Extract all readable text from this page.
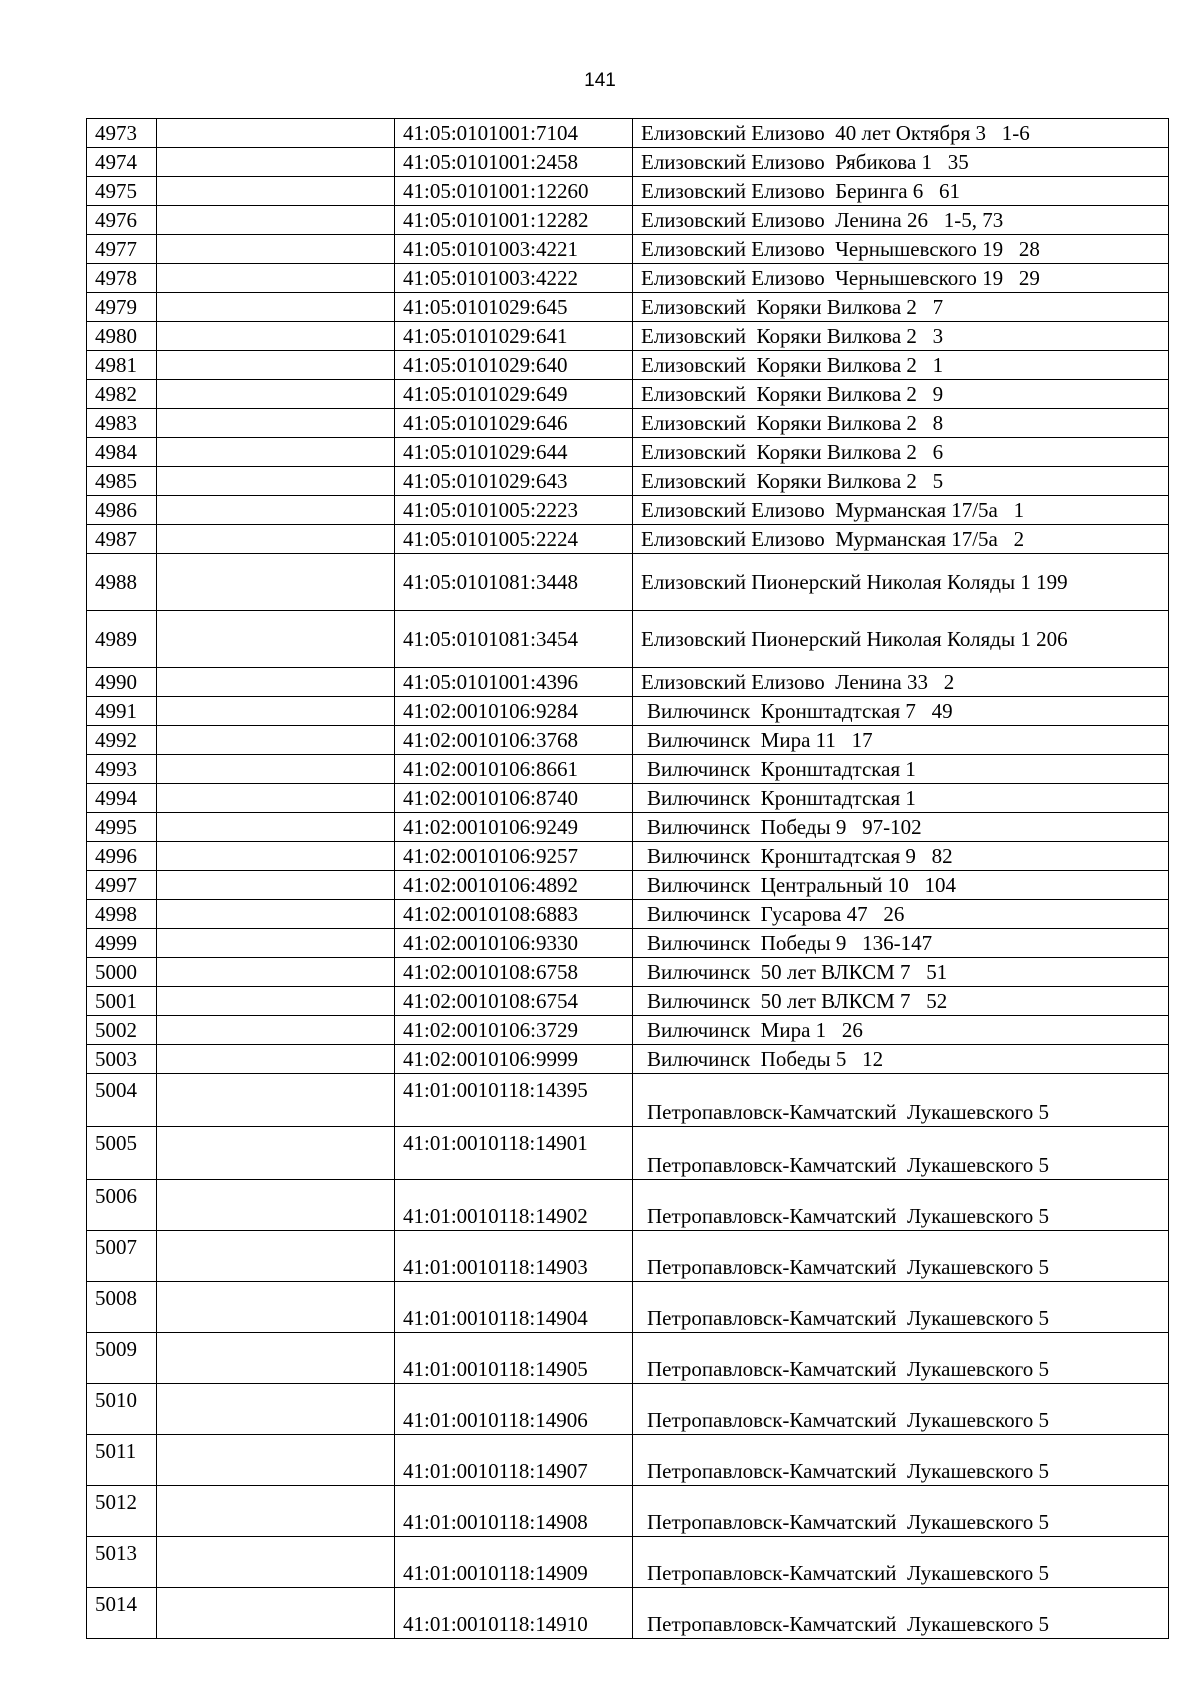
141
4973		41:05:0101001:7104	Елизовский Елизово  40 лет Октября 3   1-6
4974		41:05:0101001:2458	Елизовский Елизово  Рябикова 1   35
4975		41:05:0101001:12260	Елизовский Елизово  Беринга 6   61
4976		41:05:0101001:12282	Елизовский Елизово  Ленина 26   1-5, 73
4977		41:05:0101003:4221	Елизовский Елизово  Чернышевского 19   28
4978		41:05:0101003:4222	Елизовский Елизово  Чернышевского 19   29
4979		41:05:0101029:645	Елизовский  Коряки Вилкова 2   7
4980		41:05:0101029:641	Елизовский  Коряки Вилкова 2   3
4981		41:05:0101029:640	Елизовский  Коряки Вилкова 2   1
4982		41:05:0101029:649	Елизовский  Коряки Вилкова 2   9
4983		41:05:0101029:646	Елизовский  Коряки Вилкова 2   8
4984		41:05:0101029:644	Елизовский  Коряки Вилкова 2   6
4985		41:05:0101029:643	Елизовский  Коряки Вилкова 2   5
4986		41:05:0101005:2223	Елизовский Елизово  Мурманская 17/5а   1
4987		41:05:0101005:2224	Елизовский Елизово  Мурманская 17/5а   2
4988		41:05:0101081:3448	Елизовский Пионерский Николая Коляды 1 199
4989		41:05:0101081:3454	Елизовский Пионерский Николая Коляды 1 206
4990		41:05:0101001:4396	Елизовский Елизово  Ленина 33   2
4991		41:02:0010106:9284	Вилючинск  Кронштадтская 7   49
4992		41:02:0010106:3768	Вилючинск  Мира 11   17
4993		41:02:0010106:8661	Вилючинск  Кронштадтская 1
4994		41:02:0010106:8740	Вилючинск  Кронштадтская 1
4995		41:02:0010106:9249	Вилючинск  Победы 9   97-102
4996		41:02:0010106:9257	Вилючинск  Кронштадтская 9   82
4997		41:02:0010106:4892	Вилючинск  Центральный 10   104
4998		41:02:0010108:6883	Вилючинск  Гусарова 47   26
4999		41:02:0010106:9330	Вилючинск  Победы 9   136-147
5000		41:02:0010108:6758	Вилючинск  50 лет ВЛКСМ 7   51
5001		41:02:0010108:6754	Вилючинск  50 лет ВЛКСМ 7   52
5002		41:02:0010106:3729	Вилючинск  Мира 1   26
5003		41:02:0010106:9999	Вилючинск  Победы 5   12
5004		41:01:0010118:14395	Петропавловск-Камчатский  Лукашевского 5
5005		41:01:0010118:14901	Петропавловск-Камчатский  Лукашевского 5
5006		41:01:0010118:14902	Петропавловск-Камчатский  Лукашевского 5
5007		41:01:0010118:14903	Петропавловск-Камчатский  Лукашевского 5
5008		41:01:0010118:14904	Петропавловск-Камчатский  Лукашевского 5
5009		41:01:0010118:14905	Петропавловск-Камчатский  Лукашевского 5
5010		41:01:0010118:14906	Петропавловск-Камчатский  Лукашевского 5
5011		41:01:0010118:14907	Петропавловск-Камчатский  Лукашевского 5
5012		41:01:0010118:14908	Петропавловск-Камчатский  Лукашевского 5
5013		41:01:0010118:14909	Петропавловск-Камчатский  Лукашевского 5
5014		41:01:0010118:14910	Петропавловск-Камчатский  Лукашевского 5
